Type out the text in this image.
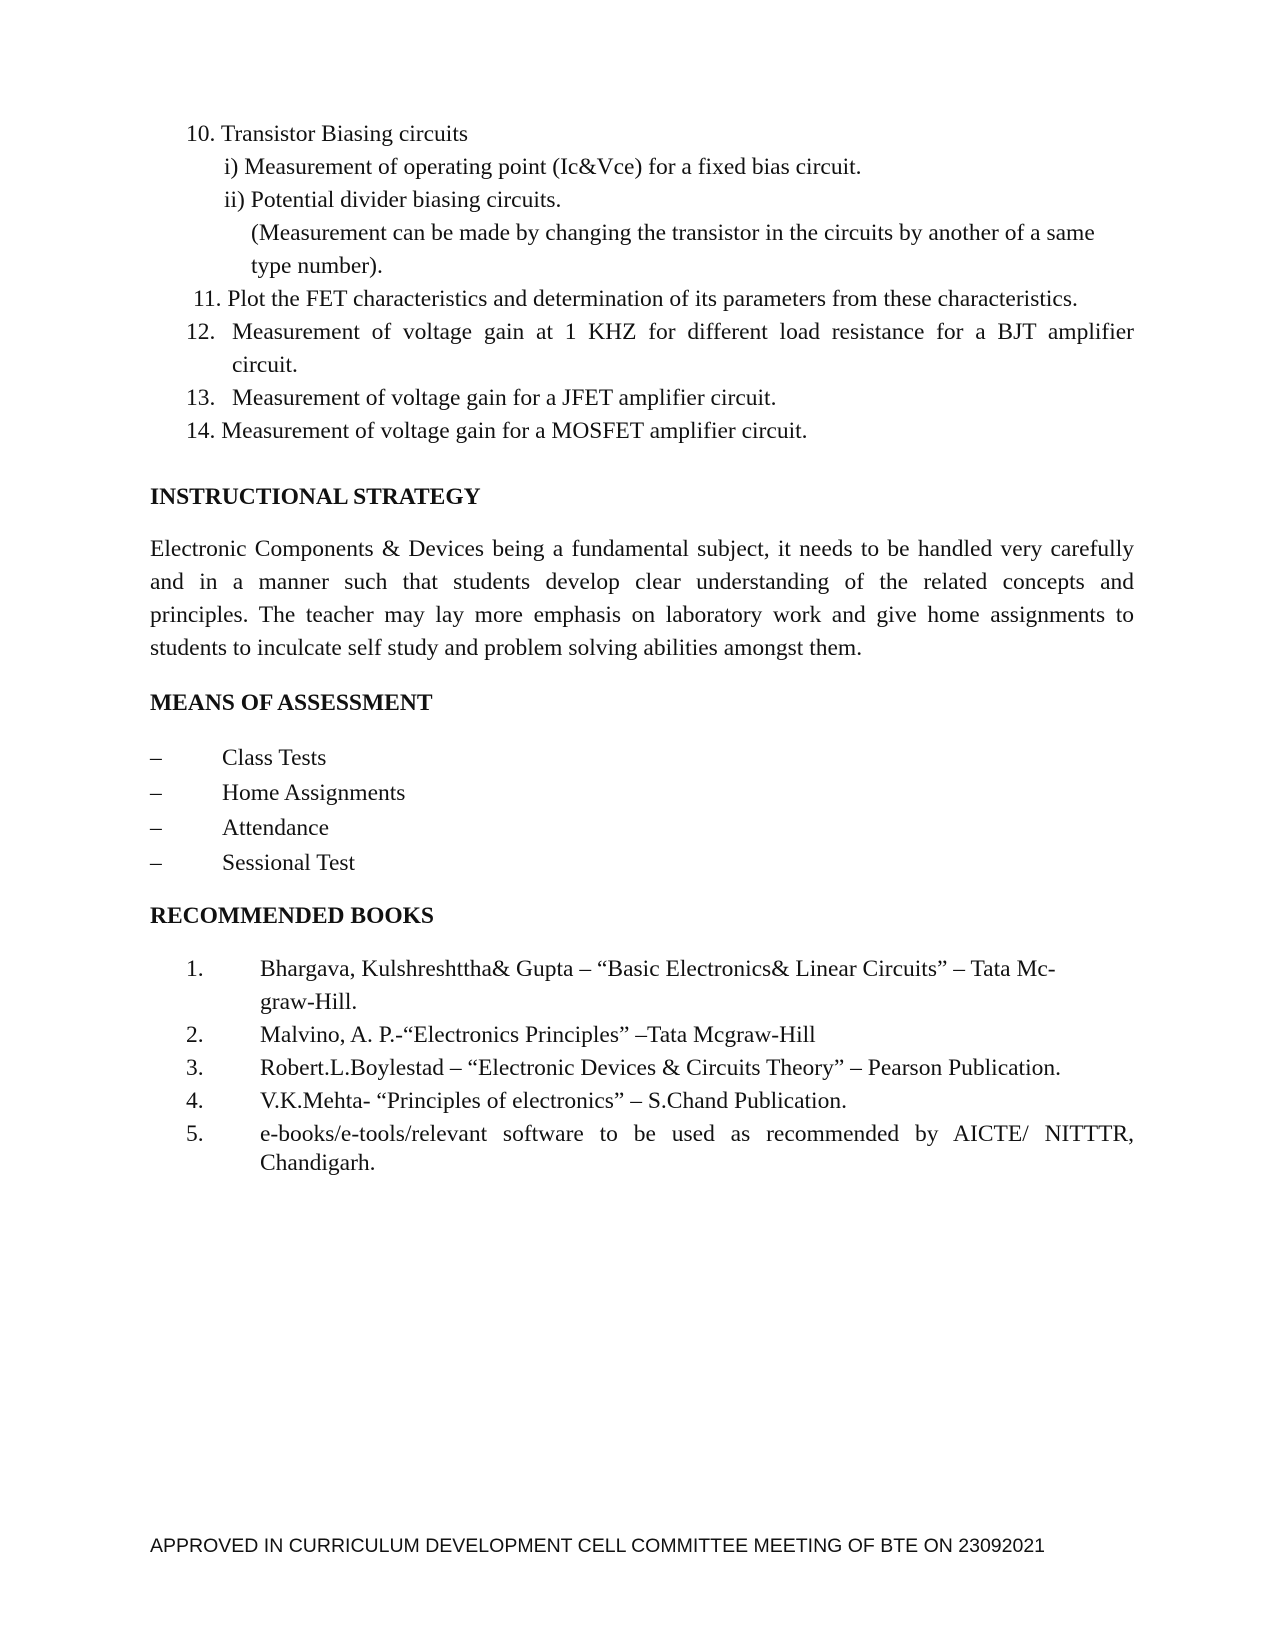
10. Transistor Biasing circuits
i) Measurement of operating point (Ic&Vce) for a fixed bias circuit.
ii) Potential divider biasing circuits.
(Measurement can be made by changing the transistor in the circuits by another of a same
type number).
11. Plot the FET characteristics and determination of its parameters from these characteristics.
12. Measurement of voltage gain at 1 KHZ for different load resistance for a BJT amplifier
circuit.
13. Measurement of voltage gain for a JFET amplifier circuit.
14. Measurement of voltage gain for a MOSFET amplifier circuit.
INSTRUCTIONAL STRATEGY
Electronic Components & Devices being a fundamental subject, it needs to be handled very carefully
and in a manner such that students develop clear understanding of the related concepts and
principles. The teacher may lay more emphasis on laboratory work and give home assignments to
students to inculcate self study and problem solving abilities amongst them.
MEANS OF ASSESSMENT
–	Class Tests
–	Home Assignments
–	Attendance
–	Sessional Test
RECOMMENDED BOOKS
1. Bhargava, Kulshreshttha& Gupta – “Basic Electronics& Linear Circuits” – Tata Mc-
graw-Hill.
2. Malvino, A. P.-“Electronics Principles” –Tata Mcgraw-Hill
3. Robert.L.Boylestad – “Electronic Devices & Circuits Theory” – Pearson Publication.
4. V.K.Mehta- “Principles of electronics” – S.Chand Publication.
5. e-books/e-tools/relevant software to be used as recommended by AICTE/ NITTTR,
Chandigarh.
APPROVED IN CURRICULUM DEVELOPMENT CELL COMMITTEE MEETING OF BTE ON 23092021
